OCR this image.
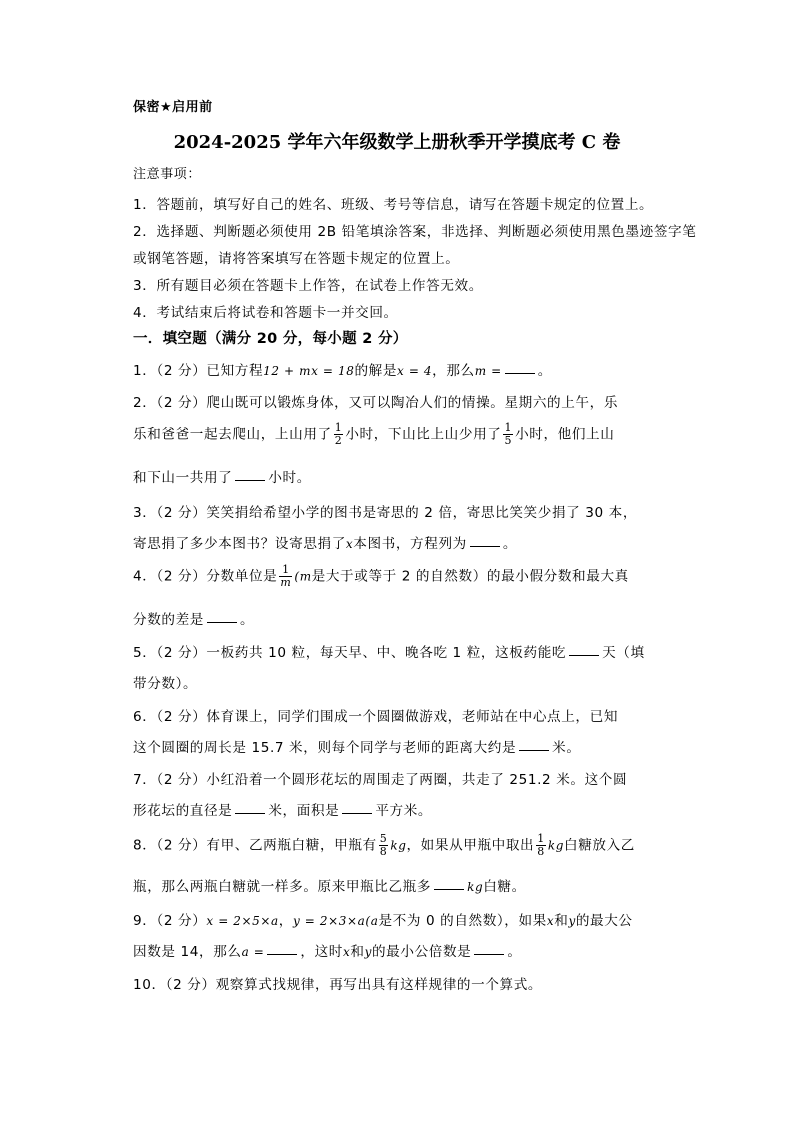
保密★启用前
2024-2025 学年六年级数学上册秋季开学摸底考 C 卷
注意事项：
1．答题前，填写好自己的姓名、班级、考号等信息，请写在答题卡规定的位置上。
2．选择题、判断题必须使用 2B 铅笔填涂答案，非选择、判断题必须使用黑色墨迹签字笔
或钢笔答题，请将答案填写在答题卡规定的位置上。
3．所有题目必须在答题卡上作答，在试卷上作答无效。
4．考试结束后将试卷和答题卡一并交回。
一．填空题（满分 20 分，每小题 2 分）
1．（2 分）已知方程12 + mx = 18的解是x = 4，那么m =	。
2．（2 分）爬山既可以锻炼身体，又可以陶冶人们的情操。星期六的上午，乐
乐和爸爸一起去爬山，上山用了 $\frac{1}{2}$ 小时，下山比上山少用了 $\frac{1}{5}$ 小时，他们上山
和下山一共用了	小时。
3．（2 分）笑笑捐给希望小学的图书是寄思的 2 倍，寄思比笑笑少捐了 30 本，
寄思捐了多少本图书？设寄思捐了x本图书，方程列为	。
4．（2 分）分数单位是 $\frac{1}{m} (m$是大于或等于 2 的自然数）的最小假分数和最大真
分数的差是	。
5．（2 分）一板药共 10 粒，每天早、中、晚各吃 1 粒，这板药能吃	天（填
带分数）。
6．（2 分）体育课上，同学们围成一个圆圈做游戏，老师站在中心点上，已知
这个圆圈的周长是 15.7 米，则每个同学与老师的距离大约是	米。
7．（2 分）小红沿着一个圆形花坛的周围走了两圈，共走了 251.2 米。这个圆
形花坛的直径是	米，面积是	平方米。
8．（2 分）有甲、乙两瓶白糖，甲瓶有 $\frac{5}{8}$ kg，如果从甲瓶中取出 $\frac{1}{8}$ kg白糖放入乙
瓶，那么两瓶白糖就一样多。原来甲瓶比乙瓶多	kg白糖。
9．（2 分）x = 2×5×a，y = 2×3×a(a是不为 0 的自然数），如果x和y的最大公
因数是 14，那么a =	，这时x和y的最小公倍数是	。
10．（2 分）观察算式找规律，再写出具有这样规律的一个算式。
